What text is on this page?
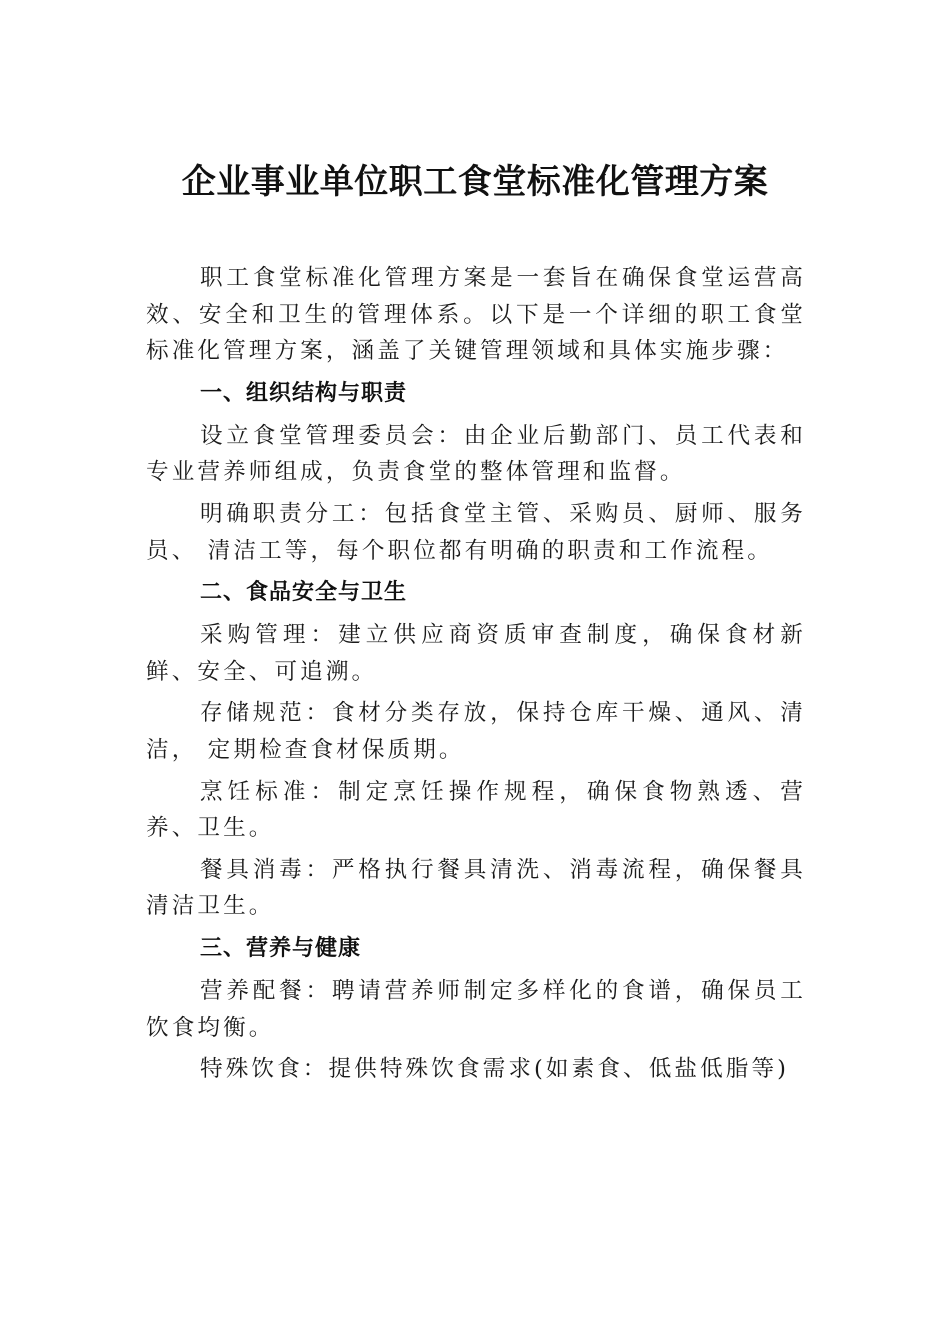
企业事业单位职工食堂标准化管理方案

职工食堂标准化管理方案是一套旨在确保食堂运营高效、安全和卫生的管理体系。以下是一个详细的职工食堂标准化管理方案，涵盖了关键管理领域和具体实施步骤：

一、组织结构与职责

设立食堂管理委员会：由企业后勤部门、员工代表和专业营养师组成，负责食堂的整体管理和监督。

明确职责分工：包括食堂主管、采购员、厨师、服务员、 清洁工等，每个职位都有明确的职责和工作流程。

二、食品安全与卫生

采购管理：建立供应商资质审查制度，确保食材新鲜、安全、可追溯。

存储规范：食材分类存放，保持仓库干燥、通风、清洁， 定期检查食材保质期。

烹饪标准：制定烹饪操作规程，确保食物熟透、营养、卫生。

餐具消毒：严格执行餐具清洗、消毒流程，确保餐具清洁卫生。

三、营养与健康

营养配餐：聘请营养师制定多样化的食谱，确保员工饮食均衡。

特殊饮食：提供特殊饮食需求(如素食、低盐低脂等)
